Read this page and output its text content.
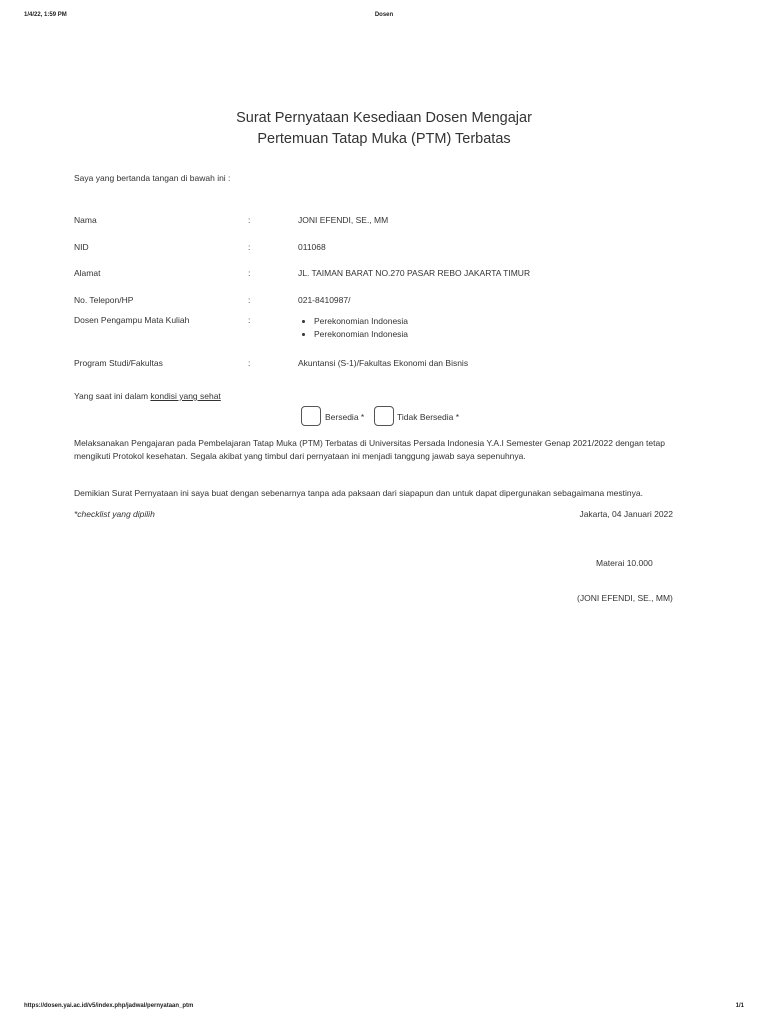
1/4/22, 1:59 PM	Dosen
Surat Pernyataan Kesediaan Dosen Mengajar
Pertemuan Tatap Muka (PTM) Terbatas
Saya yang bertanda tangan di bawah ini :
Nama	:	JONI EFENDI, SE., MM
NID	:	011068
Alamat	:	JL. TAIMAN BARAT NO.270 PASAR REBO JAKARTA TIMUR
No. Telepon/HP	:	021-8410987/
Dosen Pengampu Mata Kuliah	:
•	Perekonomian Indonesia
• Perekonomian Indonesia
Program Studi/Fakultas	:	Akuntansi (S-1)/Fakultas Ekonomi dan Bisnis
Yang saat ini dalam kondisi yang sehat
Bersedia *	Tidak Bersedia *
Melaksanakan Pengajaran pada Pembelajaran Tatap Muka (PTM) Terbatas di Universitas Persada Indonesia Y.A.I Semester Genap 2021/2022 dengan tetap mengikuti Protokol kesehatan. Segala akibat yang timbul dari pernyataan ini menjadi tanggung jawab saya sepenuhnya.
Demikian Surat Pernyataan ini saya buat dengan sebenarnya tanpa ada paksaan dari siapapun dan untuk dapat dipergunakan sebagaimana mestinya.
*checklist yang dipilih	Jakarta, 04 Januari 2022
Materai 10.000
(JONI EFENDI, SE., MM)
https://dosen.yai.ac.id/v5/index.php/jadwal/pernyataan_ptm	1/1
